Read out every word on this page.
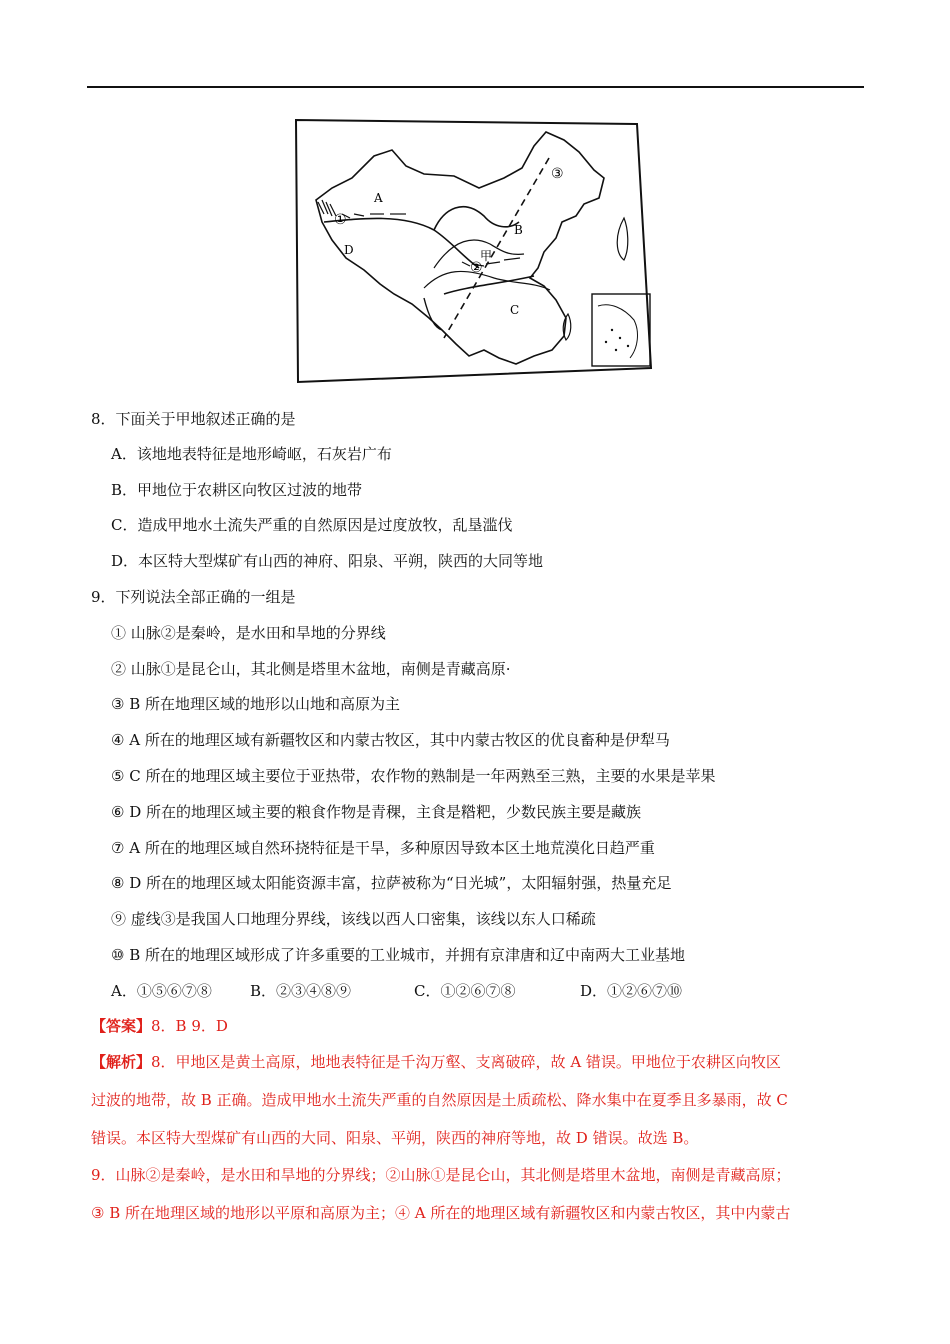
A
D
B
C
①
②
③
甲
8．下面关于甲地叙述正确的是
A．该地地表特征是地形崎岖，石灰岩广布
B．甲地位于农耕区向牧区过波的地带
C．造成甲地水土流失严重的自然原因是过度放牧，乱垦滥伐
D．本区特大型煤矿有山西的神府、阳泉、平朔，陕西的大同等地
9．下列说法全部正确的一组是
① 山脉②是秦岭，是水田和旱地的分界线
② 山脉①是昆仑山，其北侧是塔里木盆地，南侧是青藏高原·
③ B 所在地理区域的地形以山地和高原为主
④ A 所在的地理区域有新疆牧区和内蒙古牧区，其中内蒙古牧区的优良畜种是伊犁马
⑤ C 所在的地理区域主要位于亚热带，农作物的熟制是一年两熟至三熟，主要的水果是苹果
⑥ D 所在的地理区域主要的粮食作物是青稞，主食是糌粑，少数民族主要是藏族
⑦ A 所在的地理区域自然环挠特征是干旱，多种原因导致本区土地荒漠化日趋严重
⑧ D 所在的地理区域太阳能资源丰富，拉萨被称为“日光城”，太阳辐射强，热量充足
⑨ 虚线③是我国人口地理分界线，该线以西人口密集，该线以东人口稀疏
⑩ B 所在的地理区域形成了许多重要的工业城市，并拥有京津唐和辽中南两大工业基地
A．①⑤⑥⑦⑧	B．②③④⑧⑨	C．①②⑥⑦⑧	D．①②⑥⑦⑩
【答案】8．B 9．D
【解析】8．甲地区是黄土高原，地地表特征是千沟万壑、支离破碎，故 A 错误。甲地位于农耕区向牧区
过波的地带，故 B 正确。造成甲地水土流失严重的自然原因是土质疏松、降水集中在夏季且多暴雨，故 C
错误。本区特大型煤矿有山西的大同、阳泉、平朔，陕西的神府等地，故 D 错误。故选 B。
9．山脉②是秦岭，是水田和旱地的分界线；②山脉①是昆仑山，其北侧是塔里木盆地，南侧是青藏高原；
③ B 所在地理区域的地形以平原和高原为主；④ A 所在的地理区域有新疆牧区和内蒙古牧区，其中内蒙古
